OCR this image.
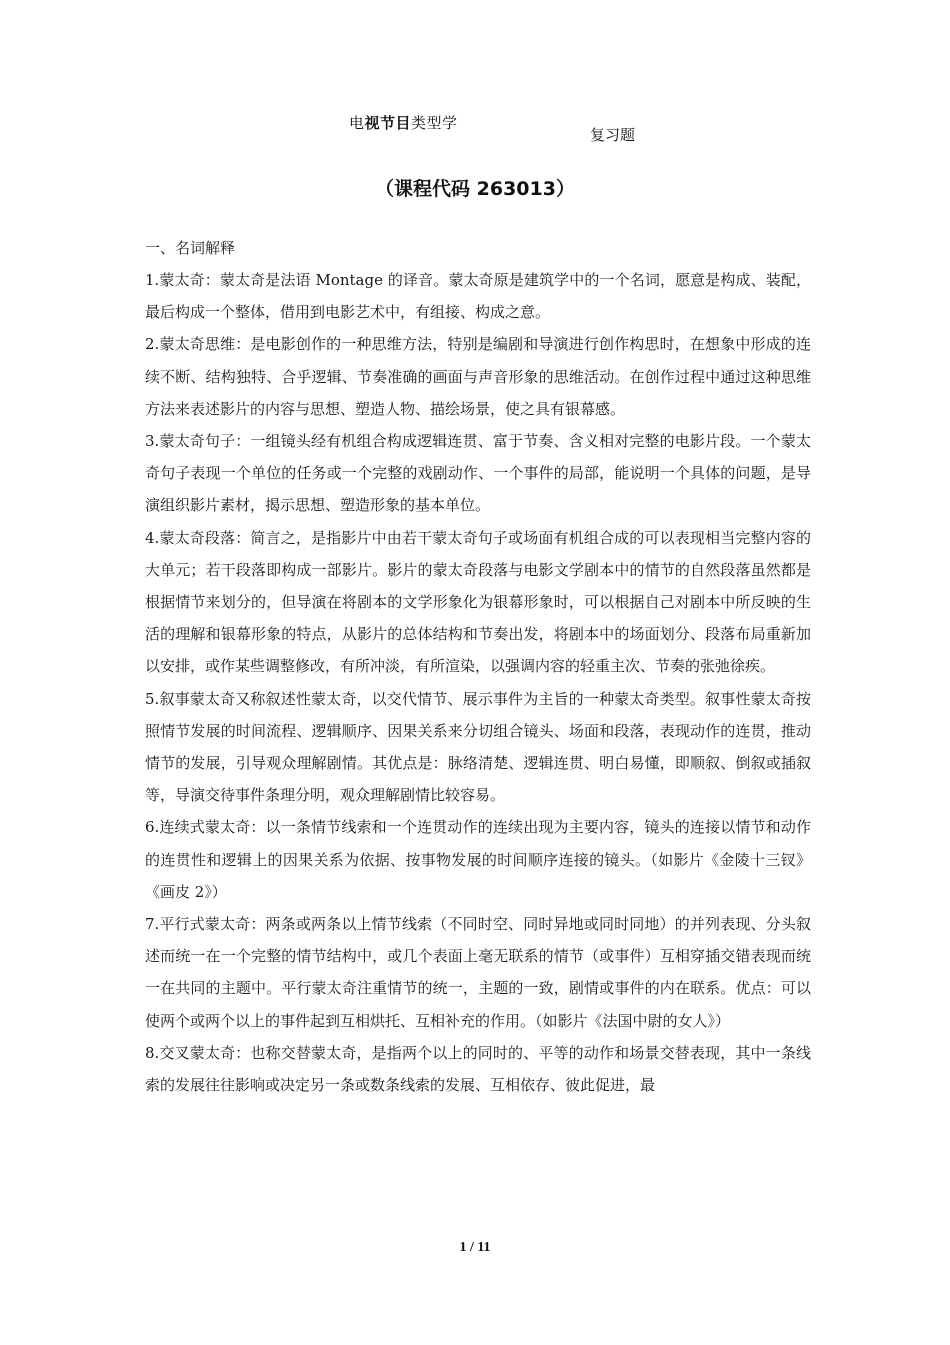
电视节目类型学
复习题
（课程代码 263013）

一、名词解释

1.蒙太奇：蒙太奇是法语 Montage 的译音。蒙太奇原是建筑学中的一个名词，愿意是构成、装配，最后构成一个整体，借用到电影艺术中，有组接、构成之意。

2.蒙太奇思维：是电影创作的一种思维方法，特别是编剧和导演进行创作构思时，在想象中形成的连续不断、结构独特、合乎逻辑、节奏准确的画面与声音形象的思维活动。在创作过程中通过这种思维方法来表述影片的内容与思想、塑造人物、描绘场景，使之具有银幕感。

3.蒙太奇句子：一组镜头经有机组合构成逻辑连贯、富于节奏、含义相对完整的电影片段。一个蒙太奇句子表现一个单位的任务或一个完整的戏剧动作、一个事件的局部，能说明一个具体的问题，是导演组织影片素材，揭示思想、塑造形象的基本单位。

4.蒙太奇段落：简言之，是指影片中由若干蒙太奇句子或场面有机组合成的可以表现相当完整内容的大单元；若干段落即构成一部影片。影片的蒙太奇段落与电影文学剧本中的情节的自然段落虽然都是根据情节来划分的，但导演在将剧本的文学形象化为银幕形象时，可以根据自己对剧本中所反映的生活的理解和银幕形象的特点，从影片的总体结构和节奏出发，将剧本中的场面划分、段落布局重新加以安排，或作某些调整修改，有所冲淡，有所渲染，以强调内容的轻重主次、节奏的张弛徐疾。

5.叙事蒙太奇又称叙述性蒙太奇，以交代情节、展示事件为主旨的一种蒙太奇类型。叙事性蒙太奇按照情节发展的时间流程、逻辑顺序、因果关系来分切组合镜头、场面和段落，表现动作的连贯，推动情节的发展，引导观众理解剧情。其优点是：脉络清楚、逻辑连贯、明白易懂，即顺叙、倒叙或插叙等，导演交待事件条理分明，观众理解剧情比较容易。

6.连续式蒙太奇：以一条情节线索和一个连贯动作的连续出现为主要内容，镜头的连接以情节和动作的连贯性和逻辑上的因果关系为依据、按事物发展的时间顺序连接的镜头。（如影片《金陵十三钗》《画皮 2》）

7.平行式蒙太奇：两条或两条以上情节线索（不同时空、同时异地或同时同地）的并列表现、分头叙述而统一在一个完整的情节结构中，或几个表面上毫无联系的情节（或事件）互相穿插交错表现而统一在共同的主题中。平行蒙太奇注重情节的统一，主题的一致，剧情或事件的内在联系。优点：可以使两个或两个以上的事件起到互相烘托、互相补充的作用。（如影片《法国中尉的女人》）

8.交叉蒙太奇：也称交替蒙太奇，是指两个以上的同时的、平等的动作和场景交替表现，其中一条线索的发展往往影响或决定另一条或数条线索的发展、互相依存、彼此促进，最

1 / 11
